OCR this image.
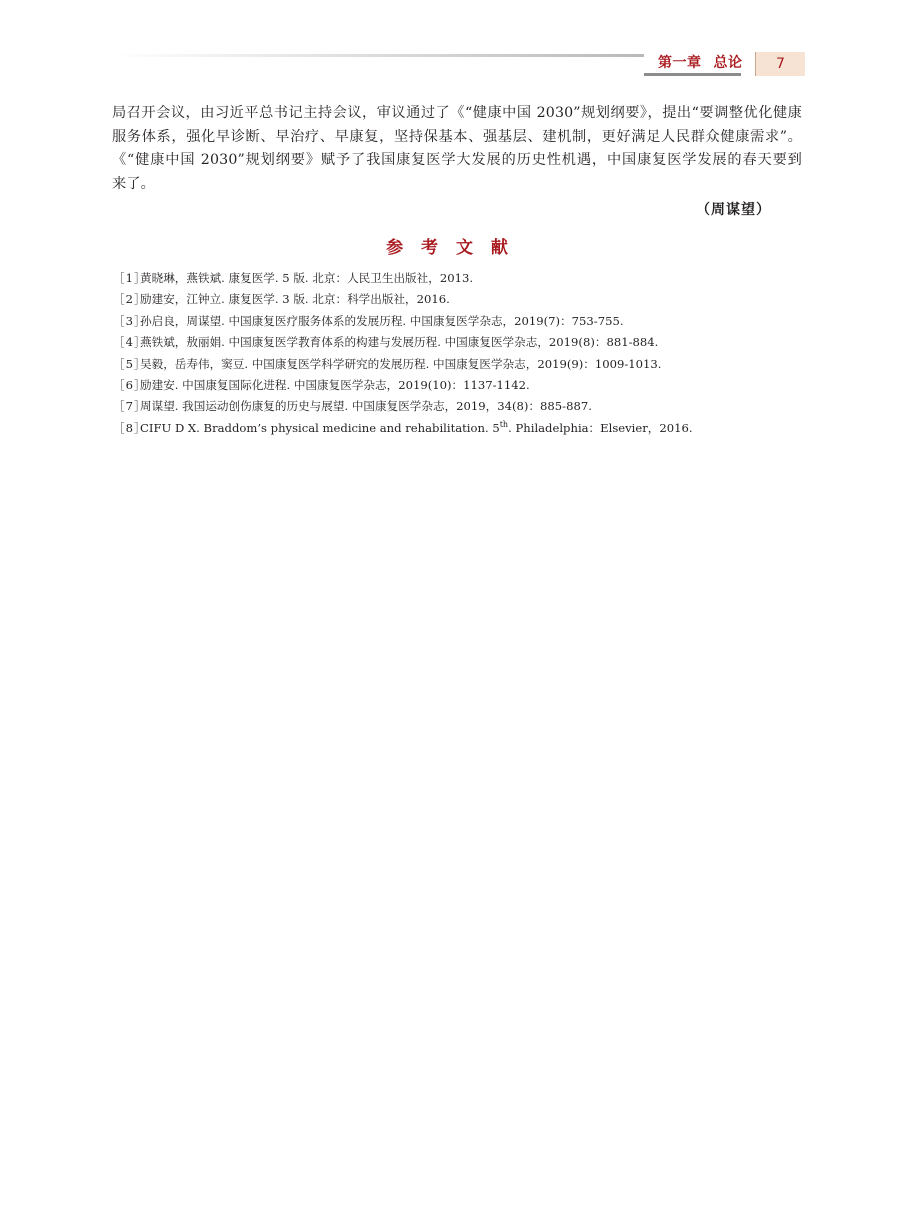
第一章 总论	7
局召开会议，由习近平总书记主持会议，审议通过了《“健康中国 2030”规划纲要》，提出“要调整优化健康
服务体系，强化早诊断、早治疗、早康复，坚持保基本、强基层、建机制，更好满足人民群众健康需求”。
《“健康中国 2030”规划纲要》赋予了我国康复医学大发展的历史性机遇，中国康复医学发展的春天要到
来了。
（周谋望）
参 考 文 献
［1］
黄晓琳，燕铁斌. 康复医学. 5 版. 北京：人民卫生出版社，2013.
［2］
励建安，江钟立. 康复医学. 3 版. 北京：科学出版社，2016.
［3］
孙启良，周谋望. 中国康复医疗服务体系的发展历程. 中国康复医学杂志，2019(7)：753-755.
［4］
燕铁斌，敖丽娟. 中国康复医学教育体系的构建与发展历程. 中国康复医学杂志，2019(8)：881-884.
［5］
吴毅，岳寿伟，窦豆. 中国康复医学科学研究的发展历程. 中国康复医学杂志，2019(9)：1009-1013.
［6］
励建安. 中国康复国际化进程. 中国康复医学杂志，2019(10)：1137-1142.
［7］
周谋望. 我国运动创伤康复的历史与展望. 中国康复医学杂志，2019，34(8)：885-887.
［8］
CIFU D X. Braddom’s physical medicine and rehabilitation. 5th. Philadelphia：Elsevier，2016.
